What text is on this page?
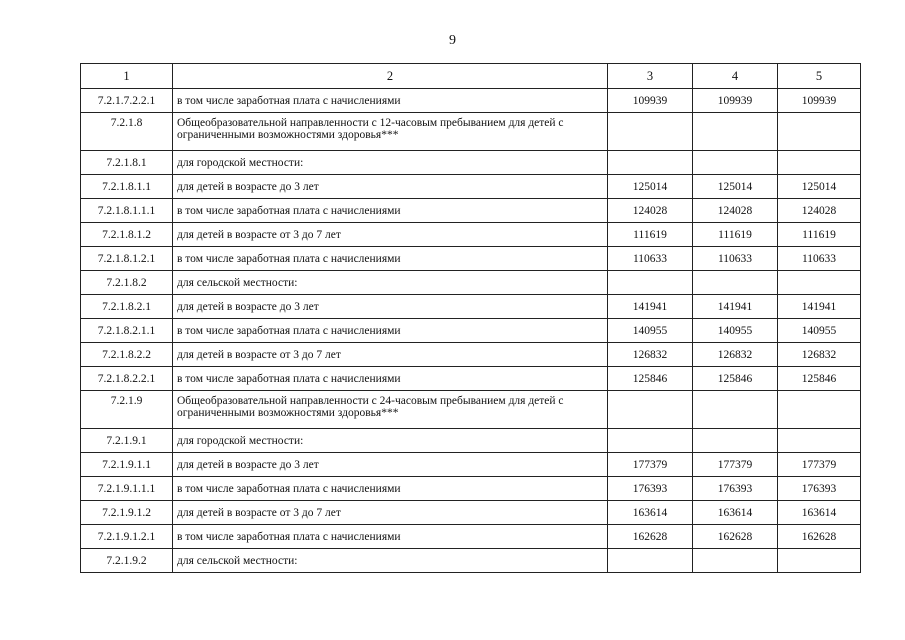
9
1	2	3	4	5
7.2.1.7.2.2.1	в том числе заработная плата с начислениями	109939	109939	109939
7.2.1.8	Общеобразовательной направленности с 12-часовым пребыванием для детей с ограниченными возможностями здоровья***			
7.2.1.8.1	для городской местности:			
7.2.1.8.1.1	для детей в возрасте до 3 лет	125014	125014	125014
7.2.1.8.1.1.1	в том числе заработная плата с начислениями	124028	124028	124028
7.2.1.8.1.2	для детей в возрасте от 3 до 7 лет	111619	111619	111619
7.2.1.8.1.2.1	в том числе заработная плата с начислениями	110633	110633	110633
7.2.1.8.2	для сельской местности:			
7.2.1.8.2.1	для детей в возрасте до 3 лет	141941	141941	141941
7.2.1.8.2.1.1	в том числе заработная плата с начислениями	140955	140955	140955
7.2.1.8.2.2	для детей в возрасте от 3 до 7 лет	126832	126832	126832
7.2.1.8.2.2.1	в том числе заработная плата с начислениями	125846	125846	125846
7.2.1.9	Общеобразовательной направленности с 24-часовым пребыванием для детей с ограниченными возможностями здоровья***			
7.2.1.9.1	для городской местности:			
7.2.1.9.1.1	для детей в возрасте до 3 лет	177379	177379	177379
7.2.1.9.1.1.1	в том числе заработная плата с начислениями	176393	176393	176393
7.2.1.9.1.2	для детей в возрасте от 3 до 7 лет	163614	163614	163614
7.2.1.9.1.2.1	в том числе заработная плата с начислениями	162628	162628	162628
7.2.1.9.2	для сельской местности:			
